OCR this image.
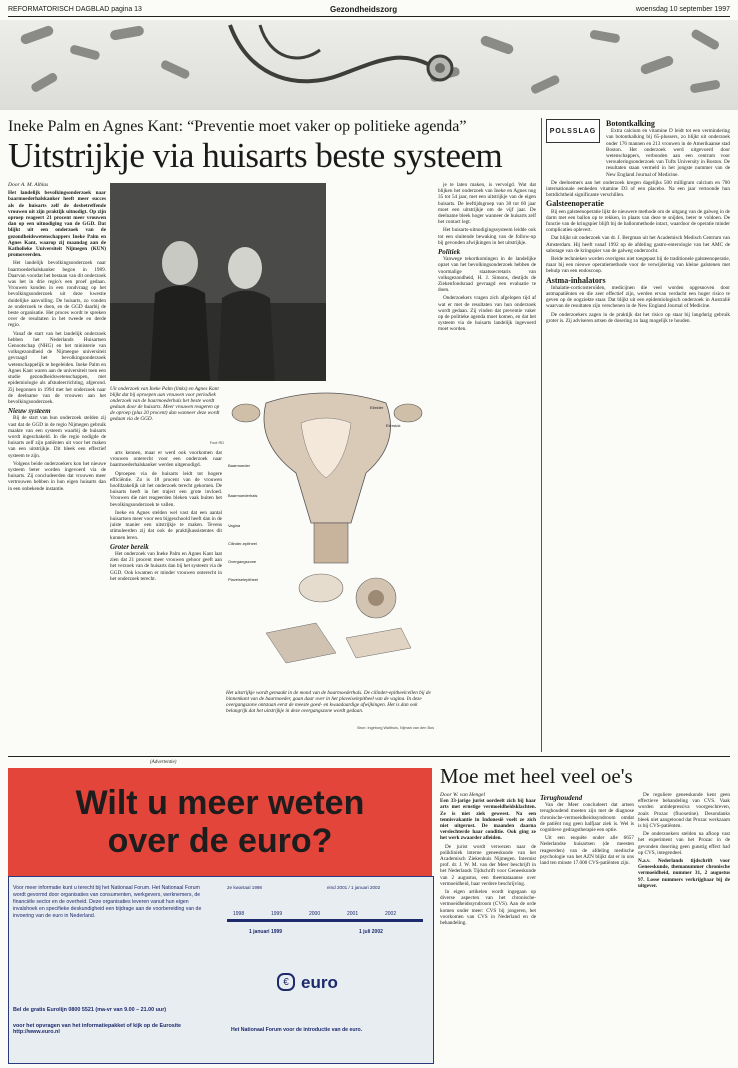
REFORMATORISCH DAGBLAD pagina 13	Gezondheidszorg	woensdag 10 september 1997
Ineke Palm en Agnes Kant: “Preventie moet vaker op politieke agenda”
Uitstrijkje via huisarts beste systeem
Door A. M. Alblas

Het landelijk bevolkingsonderzoek naar baarmoederhalskanker heeft meer succes als de huisarts zelf de desbetreffende vrouwen uit zijn praktijk uitnodigt. Op zijn oproep reageert 21 procent meer vrouwen dan op een uitnodiging van de GGD. Dat blijkt uit een onderzoek van de gezondheidswetenschappers Ineke Palm en Agnes Kant, waarop zij maandag aan de Katholieke Universiteit Nijmegen (KUN) promoveerden.

Het landelijk bevolkingsonderzoek naar baarmoederhalskanker begon in 1989. Daarvan voordat het bestaan van dit onderzoek was het in drie regio's een proef gedaan. Vrouwen konden in een rondvraag op het bevolkingsonderzoek uit deze kwestie duidelijke aanvulling. De huisarts, zo vonden ze onderzoek te doen, en de GGD daarbij de beste organisatie. Het proces wordt te spreken over de resultaten in het tweede en derde regio.

Vanaf de start van het landelijk onderzoek hebben het Nederlands Huisartsen Genootschap (NHG) en het ministerie van volksgezondheid de Nijmeegse universiteit gevraagd het bevolkingsonderzoek wetenschappelijk te begeleiden. Ineke Palm en Agnes Kant waren aan de universiteit toen een studie gezondheidswetenschappen, met epidemiologie als afstudeerrichting, afgerond. Zij begonnen in 1994 met het onderzoek naar de deelname van de vrouwen aan het bevolkingsonderzoek.

Nieuw systeem

Bij de start van hun onderzoek stelden zij vast dat de GGD in de regio Nijmegen gebruik maakte van een systeem waarbij de huisarts wordt ingeschakeld. In die regio nodigde de huisarts zelf zijn patiënten uit voor het maken van een uitstrijkje. Dit bleek een effectief systeem te zijn.

Volgens beide onderzoekers kon het nieuwe systeem beter worden ingevoerd via de huisarts. Zij concludeerden dat vrouwen meer vertrouwen hebben in hun eigen huisarts dan in een onbekende instantie.

Uit onderzoek van Ineke Palm (links) en Agnes Kant blijkt dat bij oproepen aan vrouwen voor periodiek onderzoek van de baarmoederhals het beste wordt gedaan door de huisarts. Meer vrouwen reageren op de oproep (plus 20 procent) dan wanneer deze wordt gedaan via de GGD.
Foot RD

arts kennen, maar er werd ook voorkomen dat vrouwen onterecht voor een onderzoek naar baarmoederhalskanker werden uitgenodigd.

Oproepen via de huisarts leidt tot hogere efficiëntie. Zo is 18 procent van de vrouwen hoofdzakelijk uit het onderzoek terecht gekomen. De huisarts heeft in het traject een grote invloed. Vrouwen die niet reageerden bleken vaak buiten het bevolkingsonderzoek te vallen.

Ineke en Agnes stelden wel vast dat een aantal huisartsen meer voor een bijgeschoold heeft dan in de juiste manier een uitstrijkje te maken. Tevens stimuleerden zij dat ook de praktijkassistentes dit kunnen leren.

Groter bereik

Het onderzoek van Ineke Palm en Agnes Kant laat zien dat 21 procent meer vrouwen gehoor geeft aan het verzoek van de huisarts dan bij het systeem via de GGD. Ook kwamen er minder vrouwen onterecht in het onderzoek terecht.

Eileider
Eierstok
Baarmoeder
Baarmoederhals
Vagina
Cilinder-epitheel
Overgangszone
Plaveiselepitheel
Het uitstrijkje wordt gemaakt in de mond van de baarmoederhals. De cilinder-epitheelcellen bij de binnenkant van de baarmoeder, gaan daar over in het plaveiselepitheel van de vagina. In deze overgangszone ontstaan eerst de meeste goed- en kwaadaardige afwijkingen. Het is dan ook belangrijk dat het uitstrijkje in deze overgangszone wordt gedaan.
Bron: Ingeborg Walthuis, Nijman van den Bos

je te laten maken, is vervolgd. Wat dat blijken het onderzoek van Ineke en Agnes nog 35 tot 54 jaar, met een uitstrijkje van de eigen huisarts. De leeftijdsgroep van 30 tot 60 jaar moet een uitstrijkje om de vijf jaar. De deelname bleek hoger wanneer de huisarts zelf het contact legt.

Het huisarts-uitnodigingssysteem leidde ook tot een sluitende bewaking van de follow-up bij gevonden afwijkingen in het uitstrijkje.

Politiek

Vanwege tekortkomingen in de landelijke opzet van het bevolkingsonderzoek hebben de voormalige staatssecretaris van volksgezondheid, H. J. Simons, destijds de Ziekenfondsraad gevraagd een evaluatie te doen.

Onderzoekers vragen zich afgelopen tijd af wat er met de resultaten van hun onderzoek wordt gedaan. Zij vinden dat preventie vaker op de politieke agenda moet komen, en dat het systeem via de huisarts landelijk ingevoerd moet worden.

POLSSLAG
Botontkalking

Extra calcium en vitamine D leidt tot een vermindering van botontkalking bij 65-plussers, zo blijkt uit onderzoek onder 176 mannen en 213 vrouwen in de Amerikaanse stad Boston. Het onderzoek werd uitgevoerd door wetenschappers, verbonden aan een centrum voor verouderingsonderzoek van Tufts University in Boston. De resultaten staan vermeld in het jongste nummer van de New England Journal of Medicine.

De deelnemers aan het onderzoek kregen dagelijks 500 milligram calcium en 700 internationale eenheden vitamine D3 of een placebo. Na een jaar vertoonde hun bottdichtheid significante verschillen.

Galsteenoperatie

Bij een galsteenoperatie lijkt de nieuwere methode om de uitgang van de galweg in de darm met een ballon op te rekken, in plaats van deze te snijden, beter te voldoen. De functie van de kringspier blijft bij de ballonmethode intact, waardoor de operatie minder complicaties oplevert.

Dat blijkt uit onderzoek van dr. J. Bergman uit het Academisch Medisch Centrum van Amsterdam. Hij heeft vanaf 1992 op de afdeling gastro-enterologie van het AMC de sabotage van de kringspier van de galweg onderzocht.

Beide technieken worden overigens niet toegepast bij de traditionele galsteenoperatie, maar bij een nieuwe operatiemethode voor de verwijdering van kleine galstenen met behulp van een endoscoop.

Astma-inhalators

Inhalatie-corticosteroïden, medicijnen die veel worden opgesnoven door astmapatiënten en die zeer effectief zijn, werden ervan verdacht een hoger risico te geven op de oogziekte staar. Dat blijkt uit een epidemiologisch onderzoek in Australië waarvan de resultaten zijn verschenen in de New England Journal of Medicine.

De onderzoekers zagen in de praktijk dat het risico op staar bij langdurig gebruik groter is. Zij adviseren artsen de dosering zo laag mogelijk te houden.

(Advertentie)
Wilt u meer weten over de euro?
Voor meer informatie kunt u terecht bij het Nationaal Forum. Het Nationaal Forum wordt gevormd door organisaties van consumenten, werkgevers, werknemers, de financiële sector en de overheid. Deze organisaties leveren vanuit hun eigen invalshoek en specifieke deskundigheid een bijdrage aan de voorbereiding van de invoering van de euro in Nederland.
Bel de gratis Eurolijn 0800 5521 (ma-vr van 9.00 – 21.00 uur)
voor het opvragen van het informatiepakket of kijk op de Eurosite http://www.euro.nl
2e kwartaal 1998	eind 2001 / 1 januari 2002
1998	1999	2000	2001	2002
1 januari 1999	1 juli 2002
€ euro
Het Nationaal Forum voor de introductie van de euro.
Moe met heel veel oe's
Door W. van Hengel

Een 33-jarige jurist oordeelt zich bij haar arts met ernstige vermoeidheidsklachten. Ze is niet ziek geweest. Na een tennisvakantie in Indonesië voelt ze zich niet uitgerust. De maanden daarna verslechterde haar conditie. Ook ging ze het werk zwaarder afleiden.

De jurist wordt verwezen naar de polikliniek interne geneeskunde van het Academisch Ziekenhuis Nijmegen. Internist prof. dr. J. W. M. van der Meer beschrijft in het Nederlands Tijdschrift voor Geneeskunde van 2 augustus, een theemataaanse over vermoeidheid, haar verdere beschrijving.

In eigen artikelen wordt ingegaan op diverse aspecten van het chronische-vermoeidheidssyndroom (CVS). Aan de orde komen onder meer: CVS bij jongeren, het voorkomen van CVS in Nederland en de behandeling.

Terughoudend

Van der Meer concludeert dat artsen terughoudend moeten zijn met de diagnose chronische-vermoeidheidssyndroom omdat de patiënt nog geen halfjaar ziek is. Wel is cognitieve gedragstherapie een optie.

Uit een enquête onder alle 6657 Nederlandse huisartsen (de meesten reageerden) van de afdeling medische psychologie van het AZN blijkt dat er in ons land ten minste 17.000 CVS-patiënten zijn.

De reguliere geneeskunde kent geen effectieve behandeling van CVS. Vaak worden antidepressiva voorgeschreven, zoals Prozac (fluoxetine). Desondanks bleek niet aangetoond dat Prozac werkzaam is bij CVS-patiënten.

De onderzoekers stelden na afloop vast het experiment van het Prozac in de gevonden dosering geen gunstig effect had op CVS, integendeel.

N.a.v. Nederlands tijdschrift voor Geneeskunde, themanummer chronische vermoeidheid, nummer 31, 2 augustus 97. Losse nummers verkrijgbaar bij de uitgever.
